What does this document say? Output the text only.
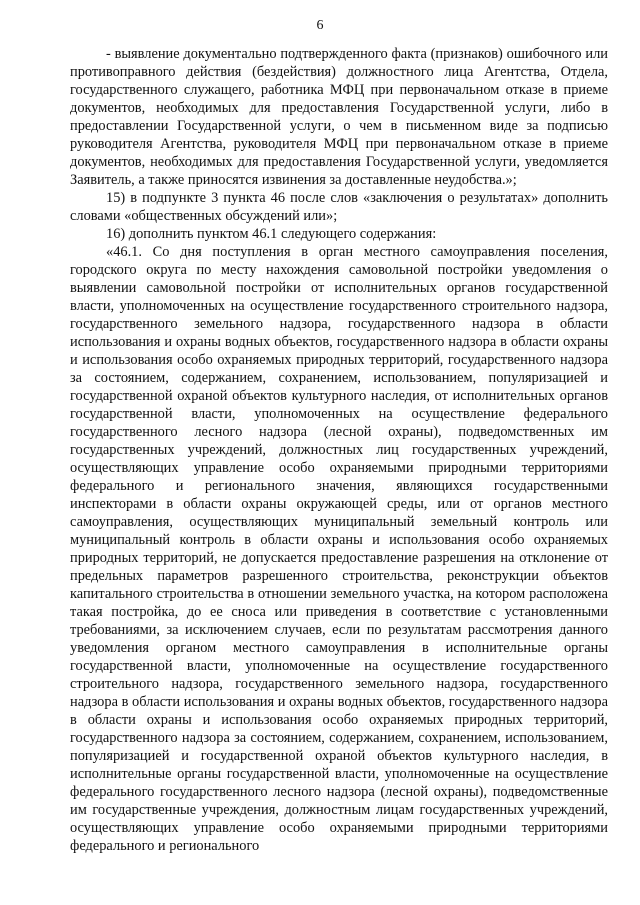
6

- выявление документально подтвержденного факта (признаков) ошибочного или противоправного действия (бездействия) должностного лица Агентства, Отдела, государственного служащего, работника МФЦ при первоначальном отказе в приеме документов, необходимых для предоставления Государственной услуги, либо в предоставлении Государственной услуги, о чем в письменном виде за подписью руководителя Агентства, руководителя МФЦ при первоначальном отказе в приеме документов, необходимых для предоставления Государственной услуги, уведомляется Заявитель, а также приносятся извинения за доставленные неудобства.»;

15) в подпункте 3 пункта 46 после слов «заключения о результатах» дополнить словами «общественных обсуждений или»;

16) дополнить пунктом 46.1 следующего содержания:

«46.1. Со дня поступления в орган местного самоуправления поселения, городского округа по месту нахождения самовольной постройки уведомления о выявлении самовольной постройки от исполнительных органов государственной власти, уполномоченных на осуществление государственного строительного надзора, государственного земельного надзора, государственного надзора в области использования и охраны водных объектов, государственного надзора в области охраны и использования особо охраняемых природных территорий, государственного надзора за состоянием, содержанием, сохранением, использованием, популяризацией и государственной охраной объектов культурного наследия, от исполнительных органов государственной власти, уполномоченных на осуществление федерального государственного лесного надзора (лесной охраны), подведомственных им государственных учреждений, должностных лиц государственных учреждений, осуществляющих управление особо охраняемыми природными территориями федерального и регионального значения, являющихся государственными инспекторами в области охраны окружающей среды, или от органов местного самоуправления, осуществляющих муниципальный земельный контроль или муниципальный контроль в области охраны и использования особо охраняемых природных территорий, не допускается предоставление разрешения на отклонение от предельных параметров разрешенного строительства, реконструкции объектов капитального строительства в отношении земельного участка, на котором расположена такая постройка, до ее сноса или приведения в соответствие с установленными требованиями, за исключением случаев, если по результатам рассмотрения данного уведомления органом местного самоуправления в исполнительные органы государственной власти, уполномоченные на осуществление государственного строительного надзора, государственного земельного надзора, государственного надзора в области использования и охраны водных объектов, государственного надзора в области охраны и использования особо охраняемых природных территорий, государственного надзора за состоянием, содержанием, сохранением, использованием, популяризацией и государственной охраной объектов культурного наследия, в исполнительные органы государственной власти, уполномоченные на осуществление федерального государственного лесного надзора (лесной охраны), подведомственные им государственные учреждения, должностным лицам государственных учреждений, осуществляющих управление особо охраняемыми природными территориями федерального и регионального
